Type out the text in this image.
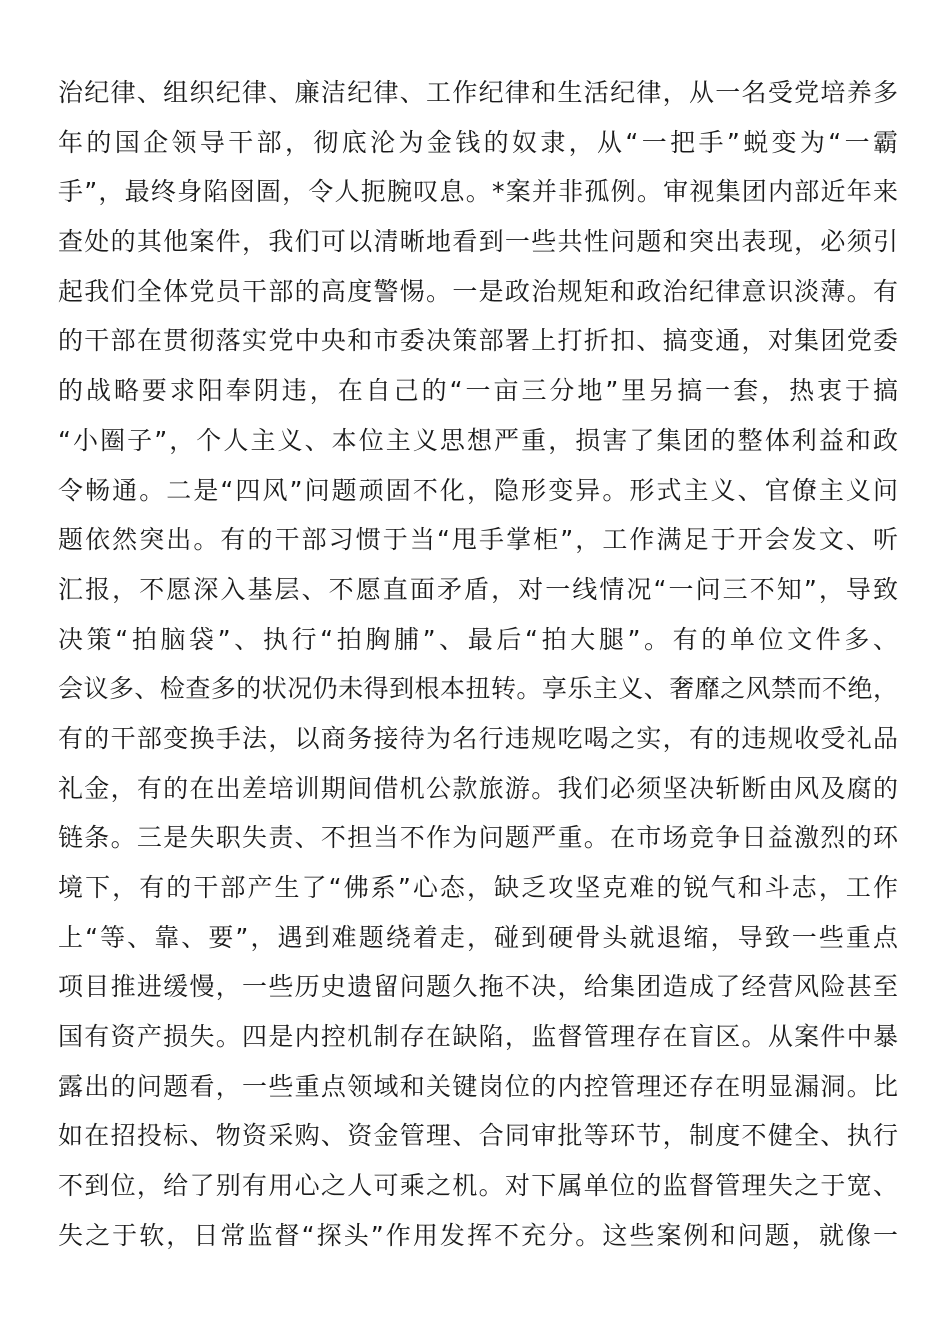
治纪律、组织纪律、廉洁纪律、工作纪律和生活纪律，从一名受党培养多
年的国企领导干部，彻底沦为金钱的奴隶，从“一把手”蜕变为“一霸
手”，最终身陷囹圄，令人扼腕叹息。*案并非孤例。审视集团内部近年来
查处的其他案件，我们可以清晰地看到一些共性问题和突出表现，必须引
起我们全体党员干部的高度警惕。一是政治规矩和政治纪律意识淡薄。有
的干部在贯彻落实党中央和市委决策部署上打折扣、搞变通，对集团党委
的战略要求阳奉阴违，在自己的“一亩三分地”里另搞一套，热衷于搞
“小圈子”，个人主义、本位主义思想严重，损害了集团的整体利益和政
令畅通。二是“四风”问题顽固不化，隐形变异。形式主义、官僚主义问
题依然突出。有的干部习惯于当“甩手掌柜”，工作满足于开会发文、听
汇报，不愿深入基层、不愿直面矛盾，对一线情况“一问三不知”，导致
决策“拍脑袋”、执行“拍胸脯”、最后“拍大腿”。有的单位文件多、
会议多、检查多的状况仍未得到根本扭转。享乐主义、奢靡之风禁而不绝，
有的干部变换手法，以商务接待为名行违规吃喝之实，有的违规收受礼品
礼金，有的在出差培训期间借机公款旅游。我们必须坚决斩断由风及腐的
链条。三是失职失责、不担当不作为问题严重。在市场竞争日益激烈的环
境下，有的干部产生了“佛系”心态，缺乏攻坚克难的锐气和斗志，工作
上“等、靠、要”，遇到难题绕着走，碰到硬骨头就退缩，导致一些重点
项目推进缓慢，一些历史遗留问题久拖不决，给集团造成了经营风险甚至
国有资产损失。四是内控机制存在缺陷，监督管理存在盲区。从案件中暴
露出的问题看，一些重点领域和关键岗位的内控管理还存在明显漏洞。比
如在招投标、物资采购、资金管理、合同审批等环节，制度不健全、执行
不到位，给了别有用心之人可乘之机。对下属单位的监督管理失之于宽、
失之于软，日常监督“探头”作用发挥不充分。这些案例和问题，就像一
